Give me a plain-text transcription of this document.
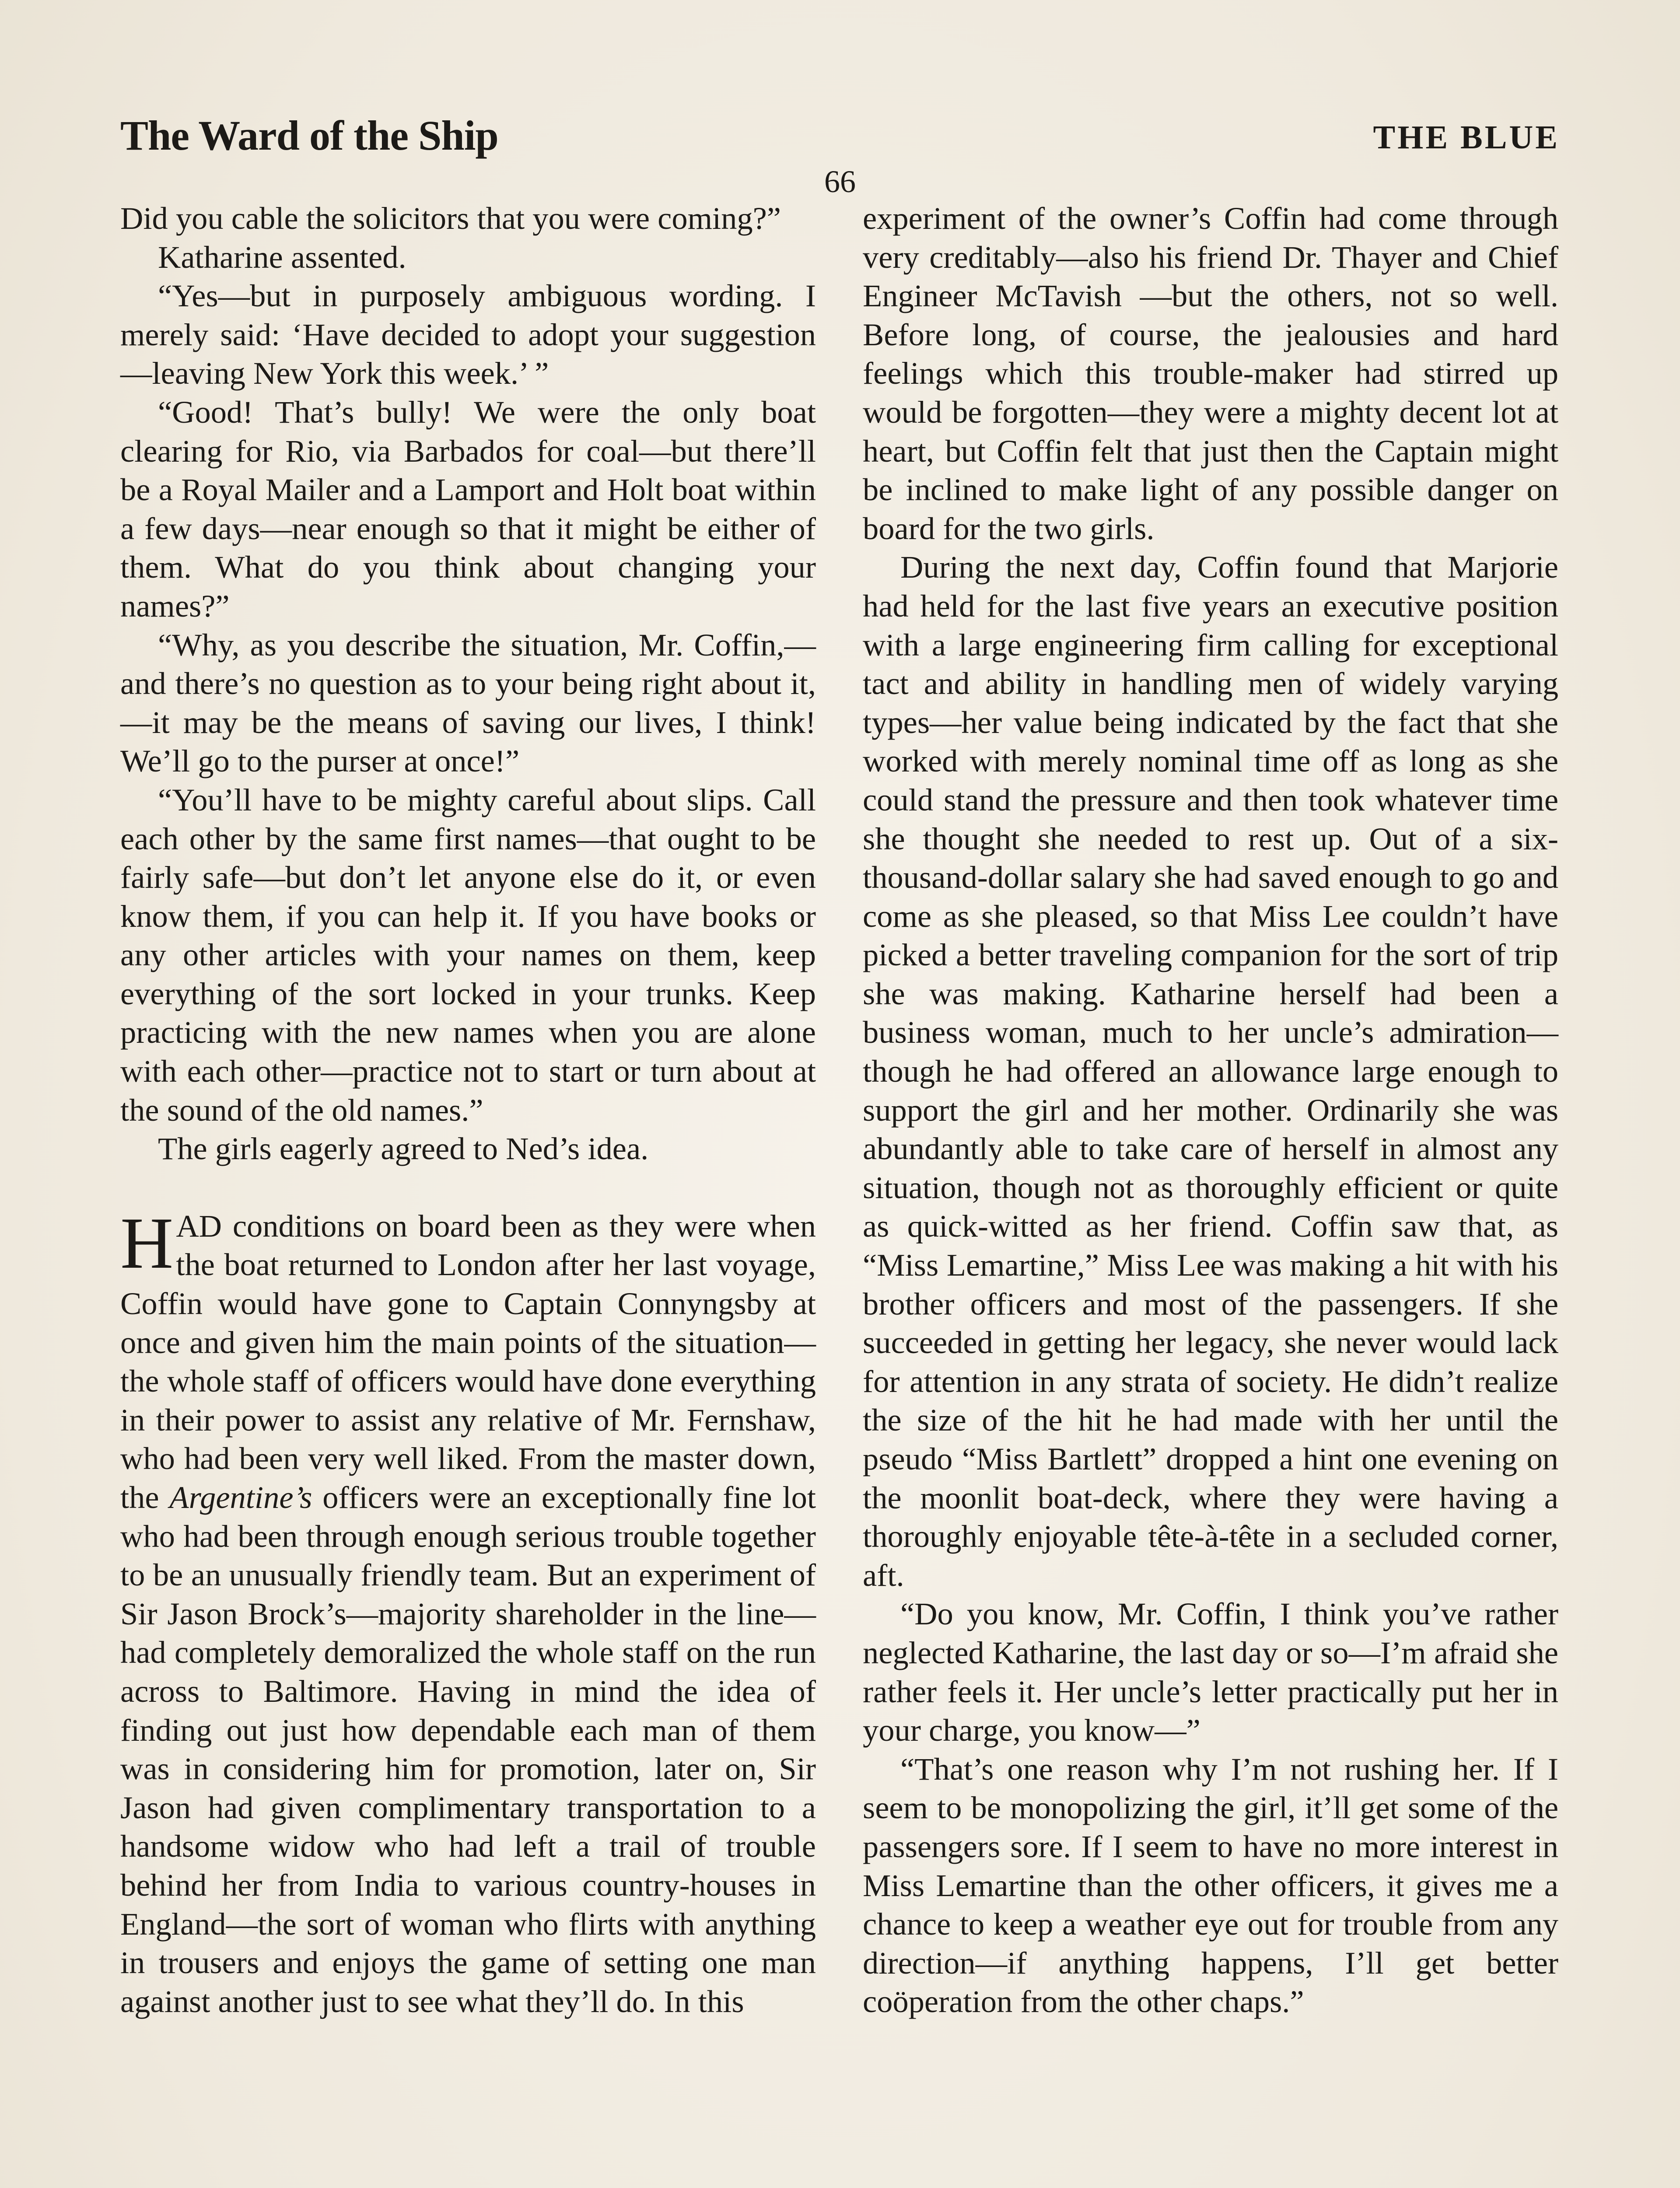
The Ward of the Ship	THE BLUE
66

Did you cable the solicitors that you were coming?”

Katharine assented.

“Yes—but in purposely ambiguous wording. I merely said: ‘Have decided to adopt your suggestion—leaving New York this week.’ ”

“Good! That’s bully! We were the only boat clearing for Rio, via Barbados for coal—but there’ll be a Royal Mailer and a Lamport and Holt boat within a few days—near enough so that it might be either of them. What do you think about changing your names?”

“Why, as you describe the situation, Mr. Coffin,—and there’s no question as to your being right about it,—it may be the means of saving our lives, I think! We’ll go to the purser at once!”

“You’ll have to be mighty careful about slips. Call each other by the same first names—that ought to be fairly safe—but don’t let anyone else do it, or even know them, if you can help it. If you have books or any other articles with your names on them, keep everything of the sort locked in your trunks. Keep practicing with the new names when you are alone with each other—practice not to start or turn about at the sound of the old names.”

The girls eagerly agreed to Ned’s idea.

HAD conditions on board been as they were when the boat returned to London after her last voyage, Coffin would have gone to Captain Connyngsby at once and given him the main points of the situation—the whole staff of officers would have done everything in their power to assist any relative of Mr. Fernshaw, who had been very well liked. From the master down, the Argentine’s officers were an exceptionally fine lot who had been through enough serious trouble together to be an unusually friendly team. But an experiment of Sir Jason Brock’s—majority shareholder in the line—had completely demoralized the whole staff on the run across to Baltimore. Having in mind the idea of finding out just how dependable each man of them was in considering him for promotion, later on, Sir Jason had given complimentary transportation to a handsome widow who had left a trail of trouble behind her from India to various country-houses in England—the sort of woman who flirts with anything in trousers and enjoys the game of setting one man against another just to see what they’ll do. In this

experiment of the owner’s Coffin had come through very creditably—also his friend Dr. Thayer and Chief Engineer McTavish —but the others, not so well. Before long, of course, the jealousies and hard feelings which this trouble-maker had stirred up would be forgotten—they were a mighty decent lot at heart, but Coffin felt that just then the Captain might be inclined to make light of any possible danger on board for the two girls.

During the next day, Coffin found that Marjorie had held for the last five years an executive position with a large engineering firm calling for exceptional tact and ability in handling men of widely varying types—her value being indicated by the fact that she worked with merely nominal time off as long as she could stand the pressure and then took whatever time she thought she needed to rest up. Out of a six-thousand-dollar salary she had saved enough to go and come as she pleased, so that Miss Lee couldn’t have picked a better traveling companion for the sort of trip she was making. Katharine herself had been a business woman, much to her uncle’s admiration—though he had offered an allowance large enough to support the girl and her mother. Ordinarily she was abundantly able to take care of herself in almost any situation, though not as thoroughly efficient or quite as quick-witted as her friend. Coffin saw that, as “Miss Lemartine,” Miss Lee was making a hit with his brother officers and most of the passengers. If she succeeded in getting her legacy, she never would lack for attention in any strata of society. He didn’t realize the size of the hit he had made with her until the pseudo “Miss Bartlett” dropped a hint one evening on the moonlit boat-deck, where they were having a thoroughly enjoyable tête-à-tête in a secluded corner, aft.

“Do you know, Mr. Coffin, I think you’ve rather neglected Katharine, the last day or so—I’m afraid she rather feels it. Her uncle’s letter practically put her in your charge, you know—”

“That’s one reason why I’m not rushing her. If I seem to be monopolizing the girl, it’ll get some of the passengers sore. If I seem to have no more interest in Miss Lemartine than the other officers, it gives me a chance to keep a weather eye out for trouble from any direction—if anything happens, I’ll get better coöperation from the other chaps.”
